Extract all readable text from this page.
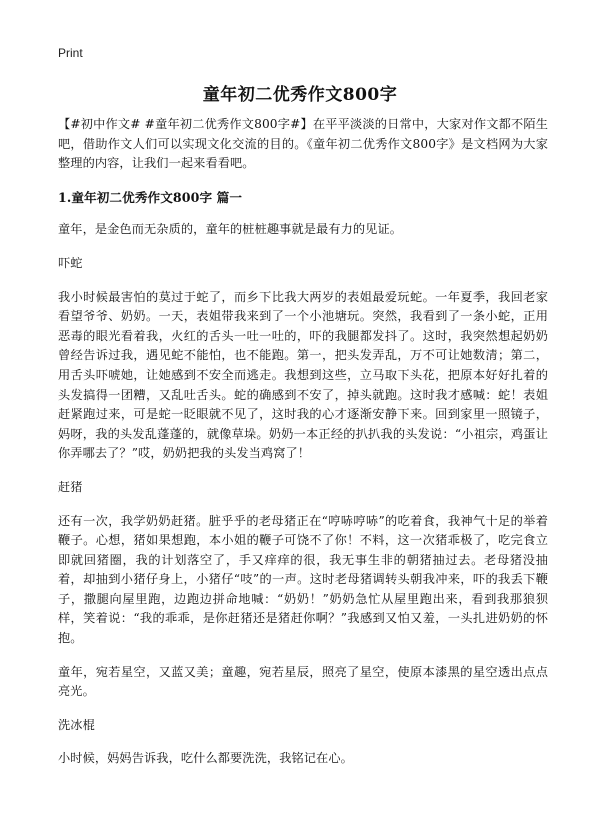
Print
童年初二优秀作文800字

【#初中作文# #童年初二优秀作文800字#】在平平淡淡的日常中，大家对作文都不陌生吧，借助作文人们可以实现文化交流的目的。《童年初二优秀作文800字》是文档网为大家整理的内容，让我们一起来看看吧。

1.童年初二优秀作文800字 篇一

童年，是金色而无杂质的，童年的桩桩趣事就是最有力的见证。

吓蛇

我小时候最害怕的莫过于蛇了，而乡下比我大两岁的表姐最爱玩蛇。一年夏季，我回老家看望爷爷、奶奶。一天，表姐带我来到了一个小池塘玩。突然，我看到了一条小蛇，正用恶毒的眼光看着我，火红的舌头一吐一吐的，吓的我腿都发抖了。这时，我突然想起奶奶曾经告诉过我，遇见蛇不能怕，也不能跑。第一，把头发弄乱，万不可让她数清；第二，用舌头吓唬她，让她感到不安全而逃走。我想到这些，立马取下头花，把原本好好扎着的头发搞得一团糟，又乱吐舌头。蛇的确感到不安了，掉头就跑。这时我才感喊：蛇！表姐赶紧跑过来，可是蛇一眨眼就不见了，这时我的心才逐渐安静下来。回到家里一照镜子，妈呀，我的头发乱蓬蓬的，就像草垛。奶奶一本正经的扒扒我的头发说：“小祖宗，鸡蛋让你弄哪去了？”哎，奶奶把我的头发当鸡窝了！

赶猪

还有一次，我学奶奶赶猪。脏乎乎的老母猪正在“哼哧哼哧”的吃着食，我神气十足的举着鞭子。心想，猪如果想跑，本小姐的鞭子可饶不了你！不料，这一次猪乖极了，吃完食立即就回猪圈，我的计划落空了，手又痒痒的很，我无事生非的朝猪抽过去。老母猪没抽着，却抽到小猪仔身上，小猪仔“吱”的一声。这时老母猪调转头朝我冲来，吓的我丢下鞭子，撒腿向屋里跑，边跑边拼命地喊：“奶奶！”奶奶急忙从屋里跑出来，看到我那狼狈样，笑着说：“我的乖乖，是你赶猪还是猪赶你啊？”我感到又怕又羞，一头扎进奶奶的怀抱。

童年，宛若星空，又蓝又美；童趣，宛若星辰，照亮了星空，使原本漆黑的星空透出点点亮光。

洗冰棍

小时候，妈妈告诉我，吃什么都要洗洗，我铭记在心。
